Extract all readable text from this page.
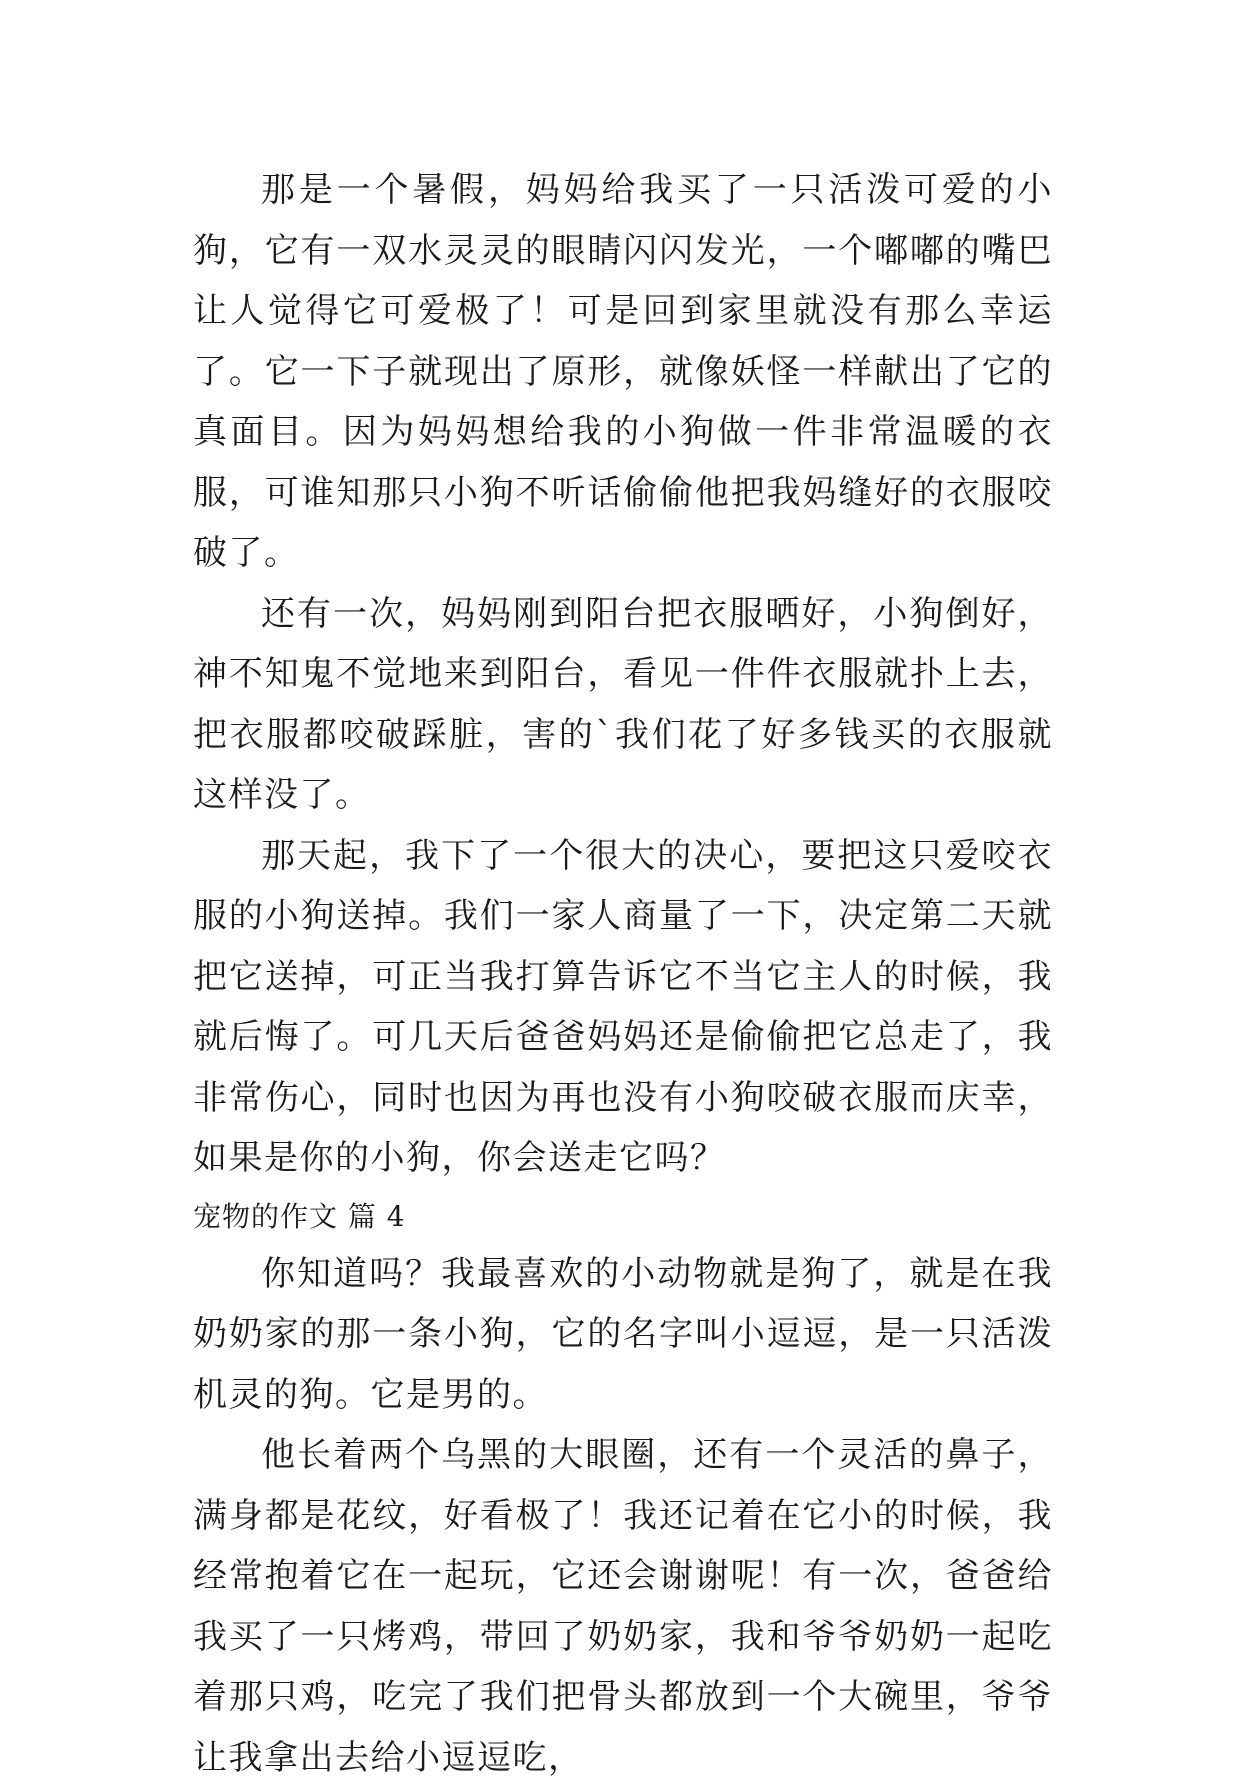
那是一个暑假，妈妈给我买了一只活泼可爱的小狗，它有一双水灵灵的眼睛闪闪发光，一个嘟嘟的嘴巴让人觉得它可爱极了！可是回到家里就没有那么幸运了。它一下子就现出了原形，就像妖怪一样献出了它的真面目。因为妈妈想给我的小狗做一件非常温暖的衣服，可谁知那只小狗不听话偷偷他把我妈缝好的衣服咬破了。

还有一次，妈妈刚到阳台把衣服晒好，小狗倒好，神不知鬼不觉地来到阳台，看见一件件衣服就扑上去，把衣服都咬破踩脏，害的`我们花了好多钱买的衣服就这样没了。

那天起，我下了一个很大的决心，要把这只爱咬衣服的小狗送掉。我们一家人商量了一下，决定第二天就把它送掉，可正当我打算告诉它不当它主人的时候，我就后悔了。可几天后爸爸妈妈还是偷偷把它总走了，我非常伤心，同时也因为再也没有小狗咬破衣服而庆幸，如果是你的小狗，你会送走它吗？

宠物的作文 篇 4

你知道吗？我最喜欢的小动物就是狗了，就是在我奶奶家的那一条小狗，它的名字叫小逗逗，是一只活泼机灵的狗。它是男的。

他长着两个乌黑的大眼圈，还有一个灵活的鼻子，满身都是花纹，好看极了！我还记着在它小的时候，我经常抱着它在一起玩，它还会谢谢呢！有一次，爸爸给我买了一只烤鸡，带回了奶奶家，我和爷爷奶奶一起吃着那只鸡，吃完了我们把骨头都放到一个大碗里，爷爷让我拿出去给小逗逗吃，
